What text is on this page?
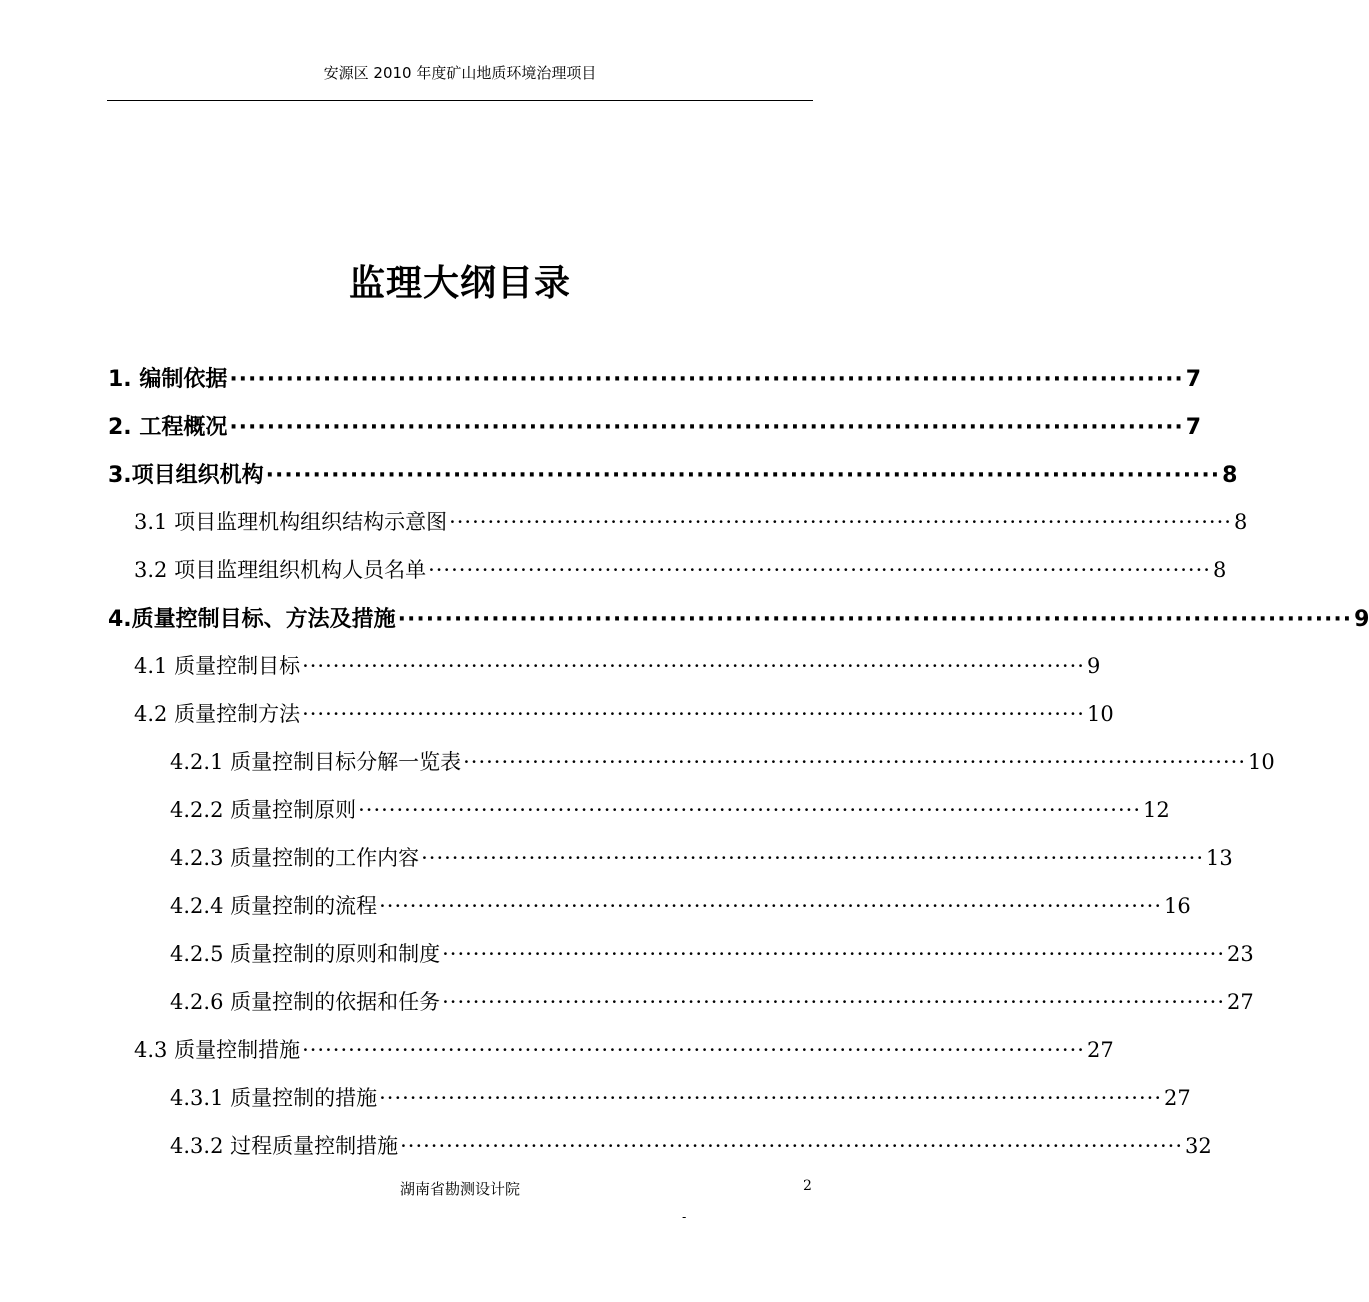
安源区 2010 年度矿山地质环境治理项目
监理大纲目录
1. 编制依据 ······································································································ 7
2. 工程概况 ······································································································ 7
3.项目组织机构 ······································································································ 8
3.1 项目监理机构组织结构示意图 ······································································································ 8
3.2 项目监理组织机构人员名单 ······································································································ 8
4.质量控制目标、方法及措施 ······································································································ 9
4.1 质量控制目标 ······································································································ 9
4.2 质量控制方法 ······································································································ 10
4.2.1 质量控制目标分解一览表 ······································································································ 10
4.2.2 质量控制原则 ······································································································ 12
4.2.3 质量控制的工作内容 ······································································································ 13
4.2.4 质量控制的流程 ······································································································ 16
4.2.5 质量控制的原则和制度 ······································································································ 23
4.2.6 质量控制的依据和任务 ······································································································ 27
4.3 质量控制措施 ······································································································ 27
4.3.1 质量控制的措施 ······································································································ 27
4.3.2 过程质量控制措施 ······································································································ 32
湖南省勘测设计院	2
-
